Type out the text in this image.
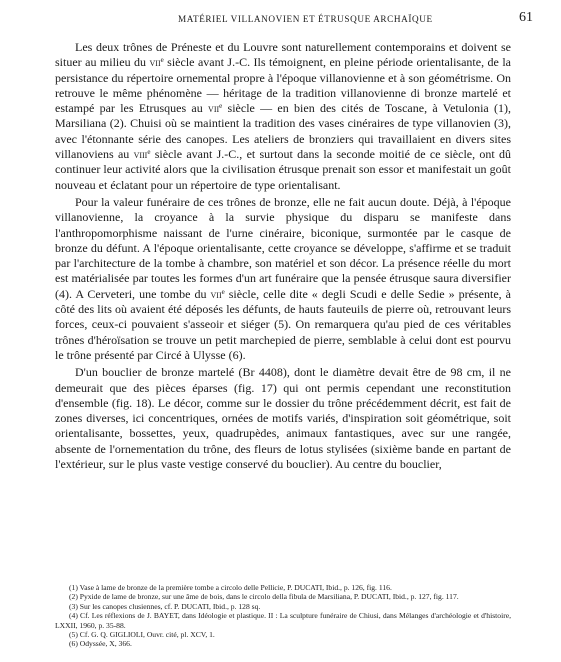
MATÉRIEL VILLANOVIEN ET ÉTRUSQUE ARCHAÏQUE	61

Les deux trônes de Préneste et du Louvre sont naturellement contemporains et doivent se situer au milieu du vii$^e$ siècle avant J.-C. Ils témoignent, en pleine période orientalisante, de la persistance du répertoire ornemental propre à l'époque villanovienne et à son géométrisme. On retrouve le même phénomène — héritage de la tradition villanovienne di bronze martelé et estampé par les Etrusques au vii$^e$ siècle — en bien des cités de Toscane, à Vetulonia (1), Marsiliana (2). Chuisi où se maintient la tradition des vases cinéraires de type villanovien (3), avec l'étonnante série des canopes. Les ateliers de bronziers qui travaillaient en divers sites villanoviens au viii$^e$ siècle avant J.-C., et surtout dans la seconde moitié de ce siècle, ont dû continuer leur activité alors que la civilisation étrusque prenait son essor et manifestait un goût nouveau et éclatant pour un répertoire de type orientalisant.

Pour la valeur funéraire de ces trônes de bronze, elle ne fait aucun doute. Déjà, à l'époque villanovienne, la croyance à la survie physique du disparu se manifeste dans l'anthropomorphisme naissant de l'urne cinéraire, biconique, surmontée par le casque de bronze du défunt. A l'époque orientalisante, cette croyance se développe, s'affirme et se traduit par l'architecture de la tombe à chambre, son matériel et son décor. La présence réelle du mort est matérialisée par toutes les formes d'un art funéraire que la pensée étrusque saura diversifier (4). A Cerveteri, une tombe du vii$^e$ siècle, celle dite « degli Scudi e delle Sedie » présente, à côté des lits où avaient été déposés les défunts, de hauts fauteuils de pierre où, retrouvant leurs forces, ceux-ci pouvaient s'asseoir et siéger (5). On remarquera qu'au pied de ces véritables trônes d'héroïsation se trouve un petit marchepied de pierre, semblable à celui dont est pourvu le trône présenté par Circé à Ulysse (6).

D'un bouclier de bronze martelé (Br 4408), dont le diamètre devait être de 98 cm, il ne demeurait que des pièces éparses (fig. 17) qui ont permis cependant une reconstitution d'ensemble (fig. 18). Le décor, comme sur le dossier du trône précédemment décrit, est fait de zones diverses, ici concentriques, ornées de motifs variés, d'inspiration soit géométrique, soit orientalisante, bossettes, yeux, quadrupèdes, animaux fantastiques, avec sur une rangée, absente de l'ornementation du trône, des fleurs de lotus stylisées (sixième bande en partant de l'extérieur, sur le plus vaste vestige conservé du bouclier). Au centre du bouclier,

(1) Vase à lame de bronze de la première tombe a circolo delle Pellicie, P. DUCATI, Ibid., p. 126, fig. 116.
(2) Pyxide de lame de bronze, sur une âme de bois, dans le circolo della fibula de Marsiliana, P. DUCATI, Ibid., p. 127, fig. 117.
(3) Sur les canopes clusiennes, cf. P. DUCATI, Ibid., p. 128 sq.
(4) Cf. Les réflexions de J. BAYET, dans Idéologie et plastique. II : La sculpture funéraire de Chiusi, dans Mélanges d'archéologie et d'histoire, LXXII, 1960, p. 35-88.
(5) Cf. G. Q. GIGLIOLI, Ouvr. cité, pl. XCV, 1.
(6) Odyssée, X, 366.
